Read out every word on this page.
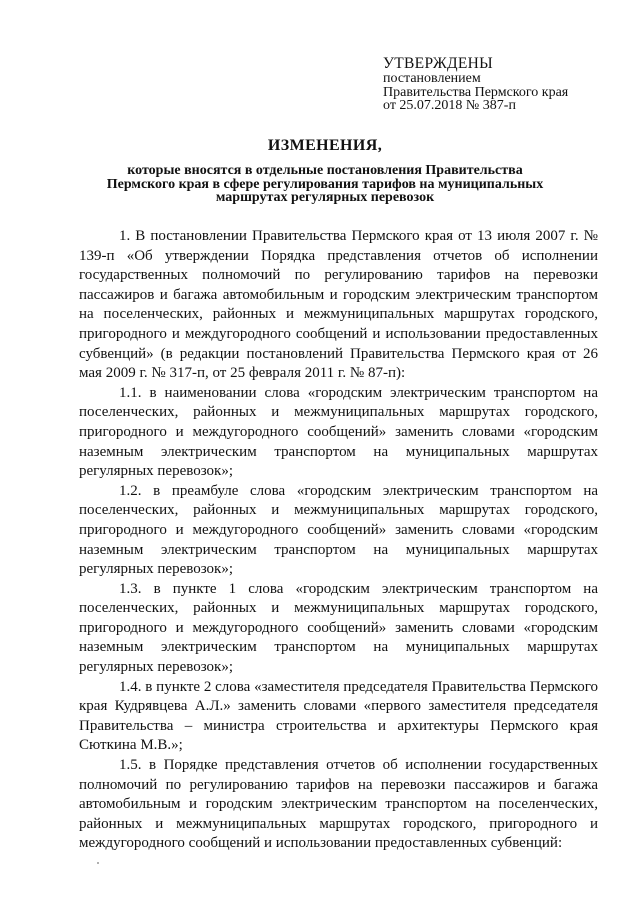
УТВЕРЖДЕНЫ
постановлением
Правительства Пермского края
от 25.07.2018 № 387-п
ИЗМЕНЕНИЯ,
которые вносятся в отдельные постановления Правительства
Пермского края в сфере регулирования тарифов на муниципальных
маршрутах регулярных перевозок

1. В постановлении Правительства Пермского края от 13 июля 2007 г. № 139-п «Об утверждении Порядка представления отчетов об исполнении государственных полномочий по регулированию тарифов на перевозки пассажиров и багажа автомобильным и городским электрическим транспортом на поселенческих, районных и межмуниципальных маршрутах городского, пригородного и междугородного сообщений и использовании предоставленных субвенций» (в редакции постановлений Правительства Пермского края от 26 мая 2009 г. № 317-п, от 25 февраля 2011 г. № 87-п):

1.1. в наименовании слова «городским электрическим транспортом на поселенческих, районных и межмуниципальных маршрутах городского, пригородного и междугородного сообщений» заменить словами «городским наземным электрическим транспортом на муниципальных маршрутах регулярных перевозок»;

1.2. в преамбуле слова «городским электрическим транспортом на поселенческих, районных и межмуниципальных маршрутах городского, пригородного и междугородного сообщений» заменить словами «городским наземным электрическим транспортом на муниципальных маршрутах регулярных перевозок»;

1.3. в пункте 1 слова «городским электрическим транспортом на поселенческих, районных и межмуниципальных маршрутах городского, пригородного и междугородного сообщений» заменить словами «городским наземным электрическим транспортом на муниципальных маршрутах регулярных перевозок»;

1.4. в пункте 2 слова «заместителя председателя Правительства Пермского края Кудрявцева А.Л.» заменить словами «первого заместителя председателя Правительства – министра строительства и архитектуры Пермского края Сюткина М.В.»;

1.5. в Порядке представления отчетов об исполнении государственных полномочий по регулированию тарифов на перевозки пассажиров и багажа автомобильным и городским электрическим транспортом на поселенческих, районных и межмуниципальных маршрутах городского, пригородного и междугородного сообщений и использовании предоставленных субвенций:
